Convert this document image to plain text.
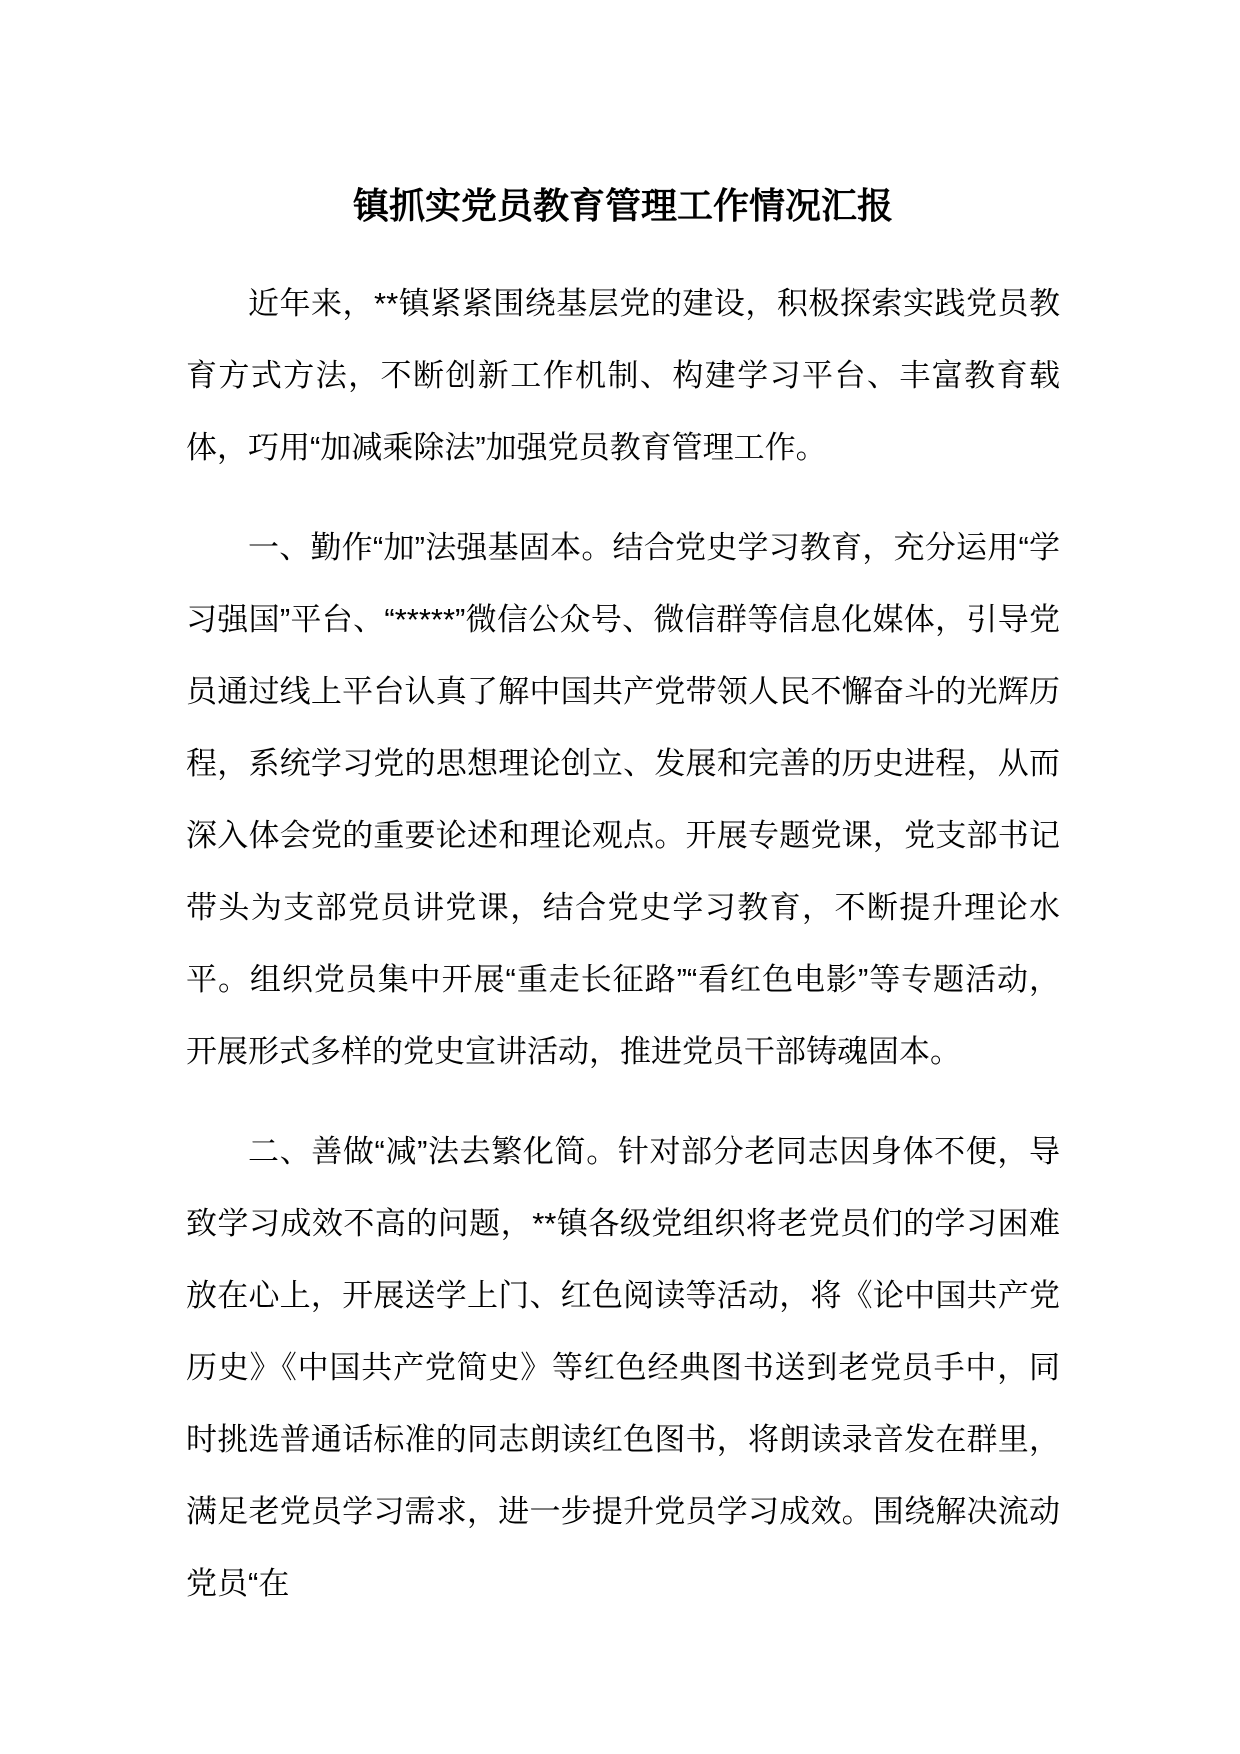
镇抓实党员教育管理工作情况汇报

近年来，**镇紧紧围绕基层党的建设，积极探索实践党员教育方式方法，不断创新工作机制、构建学习平台、丰富教育载体，巧用“加减乘除法”加强党员教育管理工作。

一、勤作“加”法强基固本。结合党史学习教育，充分运用“学习强国”平台、“*****”微信公众号、微信群等信息化媒体，引导党员通过线上平台认真了解中国共产党带领人民不懈奋斗的光辉历程，系统学习党的思想理论创立、发展和完善的历史进程，从而深入体会党的重要论述和理论观点。开展专题党课，党支部书记带头为支部党员讲党课，结合党史学习教育，不断提升理论水平。组织党员集中开展“重走长征路”“看红色电影”等专题活动，开展形式多样的党史宣讲活动，推进党员干部铸魂固本。

二、善做“减”法去繁化简。针对部分老同志因身体不便，导致学习成效不高的问题，**镇各级党组织将老党员们的学习困难放在心上，开展送学上门、红色阅读等活动，将《论中国共产党历史》《中国共产党简史》等红色经典图书送到老党员手中，同时挑选普通话标准的同志朗读红色图书，将朗读录音发在群里，满足老党员学习需求，进一步提升党员学习成效。围绕解决流动党员“在
